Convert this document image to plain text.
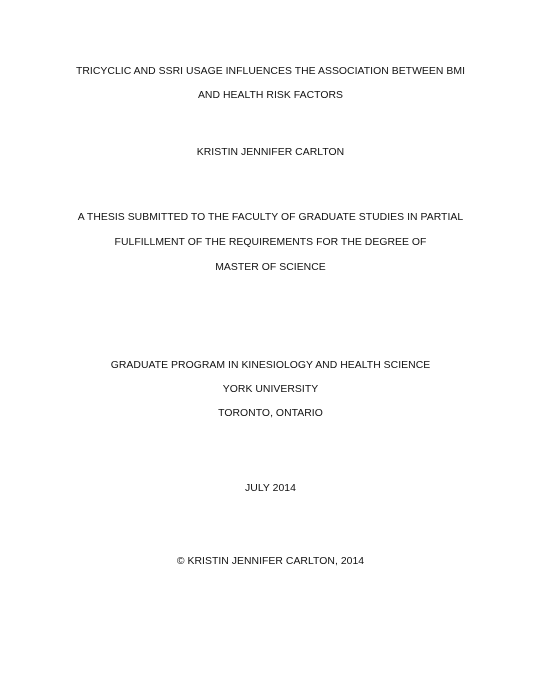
TRICYCLIC AND SSRI USAGE INFLUENCES THE ASSOCIATION BETWEEN BMI
AND HEALTH RISK FACTORS
KRISTIN JENNIFER CARLTON
A THESIS SUBMITTED TO THE FACULTY OF GRADUATE STUDIES IN PARTIAL
FULFILLMENT OF THE REQUIREMENTS FOR THE DEGREE OF
MASTER OF SCIENCE
GRADUATE PROGRAM IN KINESIOLOGY AND HEALTH SCIENCE
YORK UNIVERSITY
TORONTO, ONTARIO
JULY 2014
© KRISTIN JENNIFER CARLTON, 2014
